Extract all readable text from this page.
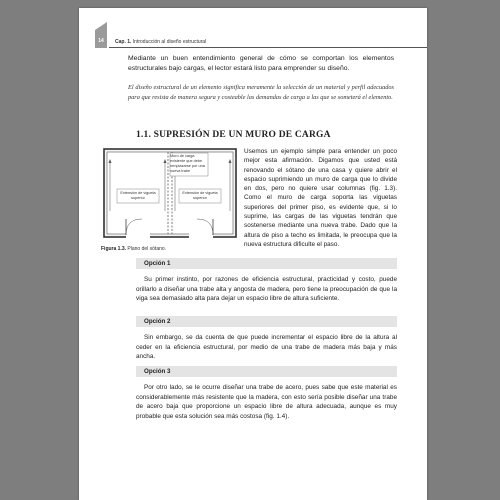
14	Cap. 1. Introducción al diseño estructural

Mediante un buen entendimiento general de cómo se comportan los elementos estructurales bajo cargas, el lector estará listo para emprender su diseño.

El diseño estructural de un elemento significa meramente la selección de un material y perfil adecuados para que resista de manera segura y costeable las demandas de carga a las que se someterá el elemento.

1.1. SUPRESIÓN DE UN MURO DE CARGA
Extensión de vigueta superior
Extensión de vigueta superior
Muro de carga existente que debe remplazarse por una nueva trabe
Figura 1.3. Plano del sótano.

Usemos un ejemplo simple para entender un poco mejor esta afirmación. Digamos que usted está renovando el sótano de una casa y quiere abrir el espacio suprimiendo un muro de carga que lo divide en dos, pero no quiere usar columnas (fig. 1.3). Como el muro de carga soporta las viguetas superiores del primer piso, es evidente que, si lo suprime, las cargas de las viguetas tendrán que sostenerse mediante una nueva trabe. Dado que la altura de piso a techo es limitada, le preocupa que la nueva estructura dificulte el paso.

Opción 1

Su primer instinto, por razones de eficiencia estructural, practicidad y costo, puede orillarlo a diseñar una trabe alta y angosta de madera, pero tiene la preocupación de que la viga sea demasiado alta para dejar un espacio libre de altura suficiente.

Opción 2

Sin embargo, se da cuenta de que puede incrementar el espacio libre de la altura al ceder en la eficiencia estructural, por medio de una trabe de madera más baja y más ancha.

Opción 3

Por otro lado, se le ocurre diseñar una trabe de acero, pues sabe que este material es considerablemente más resistente que la madera, con esto sería posible diseñar una trabe de acero baja que proporcione un espacio libre de altura adecuada, aunque es muy probable que esta solución sea más costosa (fig. 1.4).
